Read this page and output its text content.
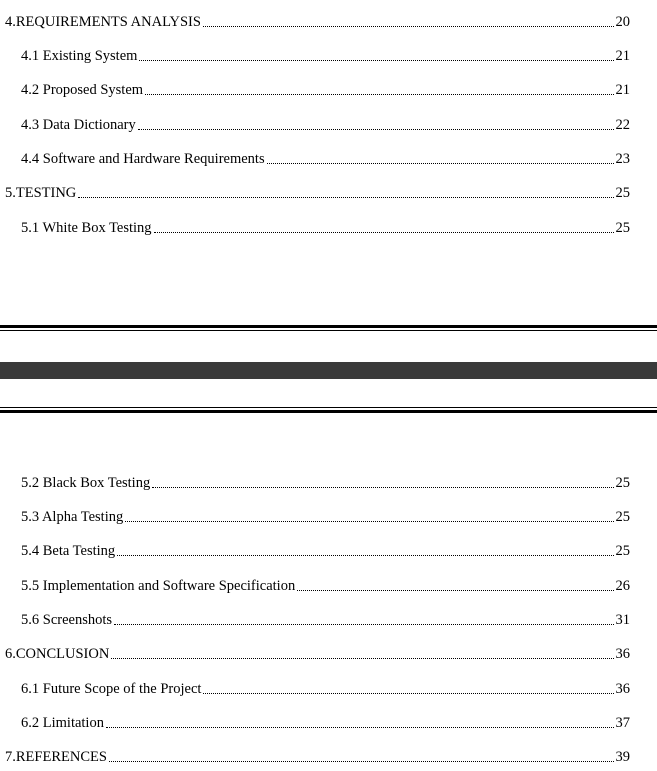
4.REQUIREMENTS ANALYSIS	20
4.1 Existing System	21
4.2 Proposed System	21
4.3 Data Dictionary	22
4.4 Software and Hardware Requirements	23
5.TESTING	25
5.1 White Box Testing	25
5.2 Black Box Testing	25
5.3 Alpha Testing	25
5.4 Beta Testing	25
5.5 Implementation and Software Specification	26
5.6 Screenshots	31
6.CONCLUSION	36
6.1 Future Scope of the Project	36
6.2 Limitation	37
7.REFERENCES	39
